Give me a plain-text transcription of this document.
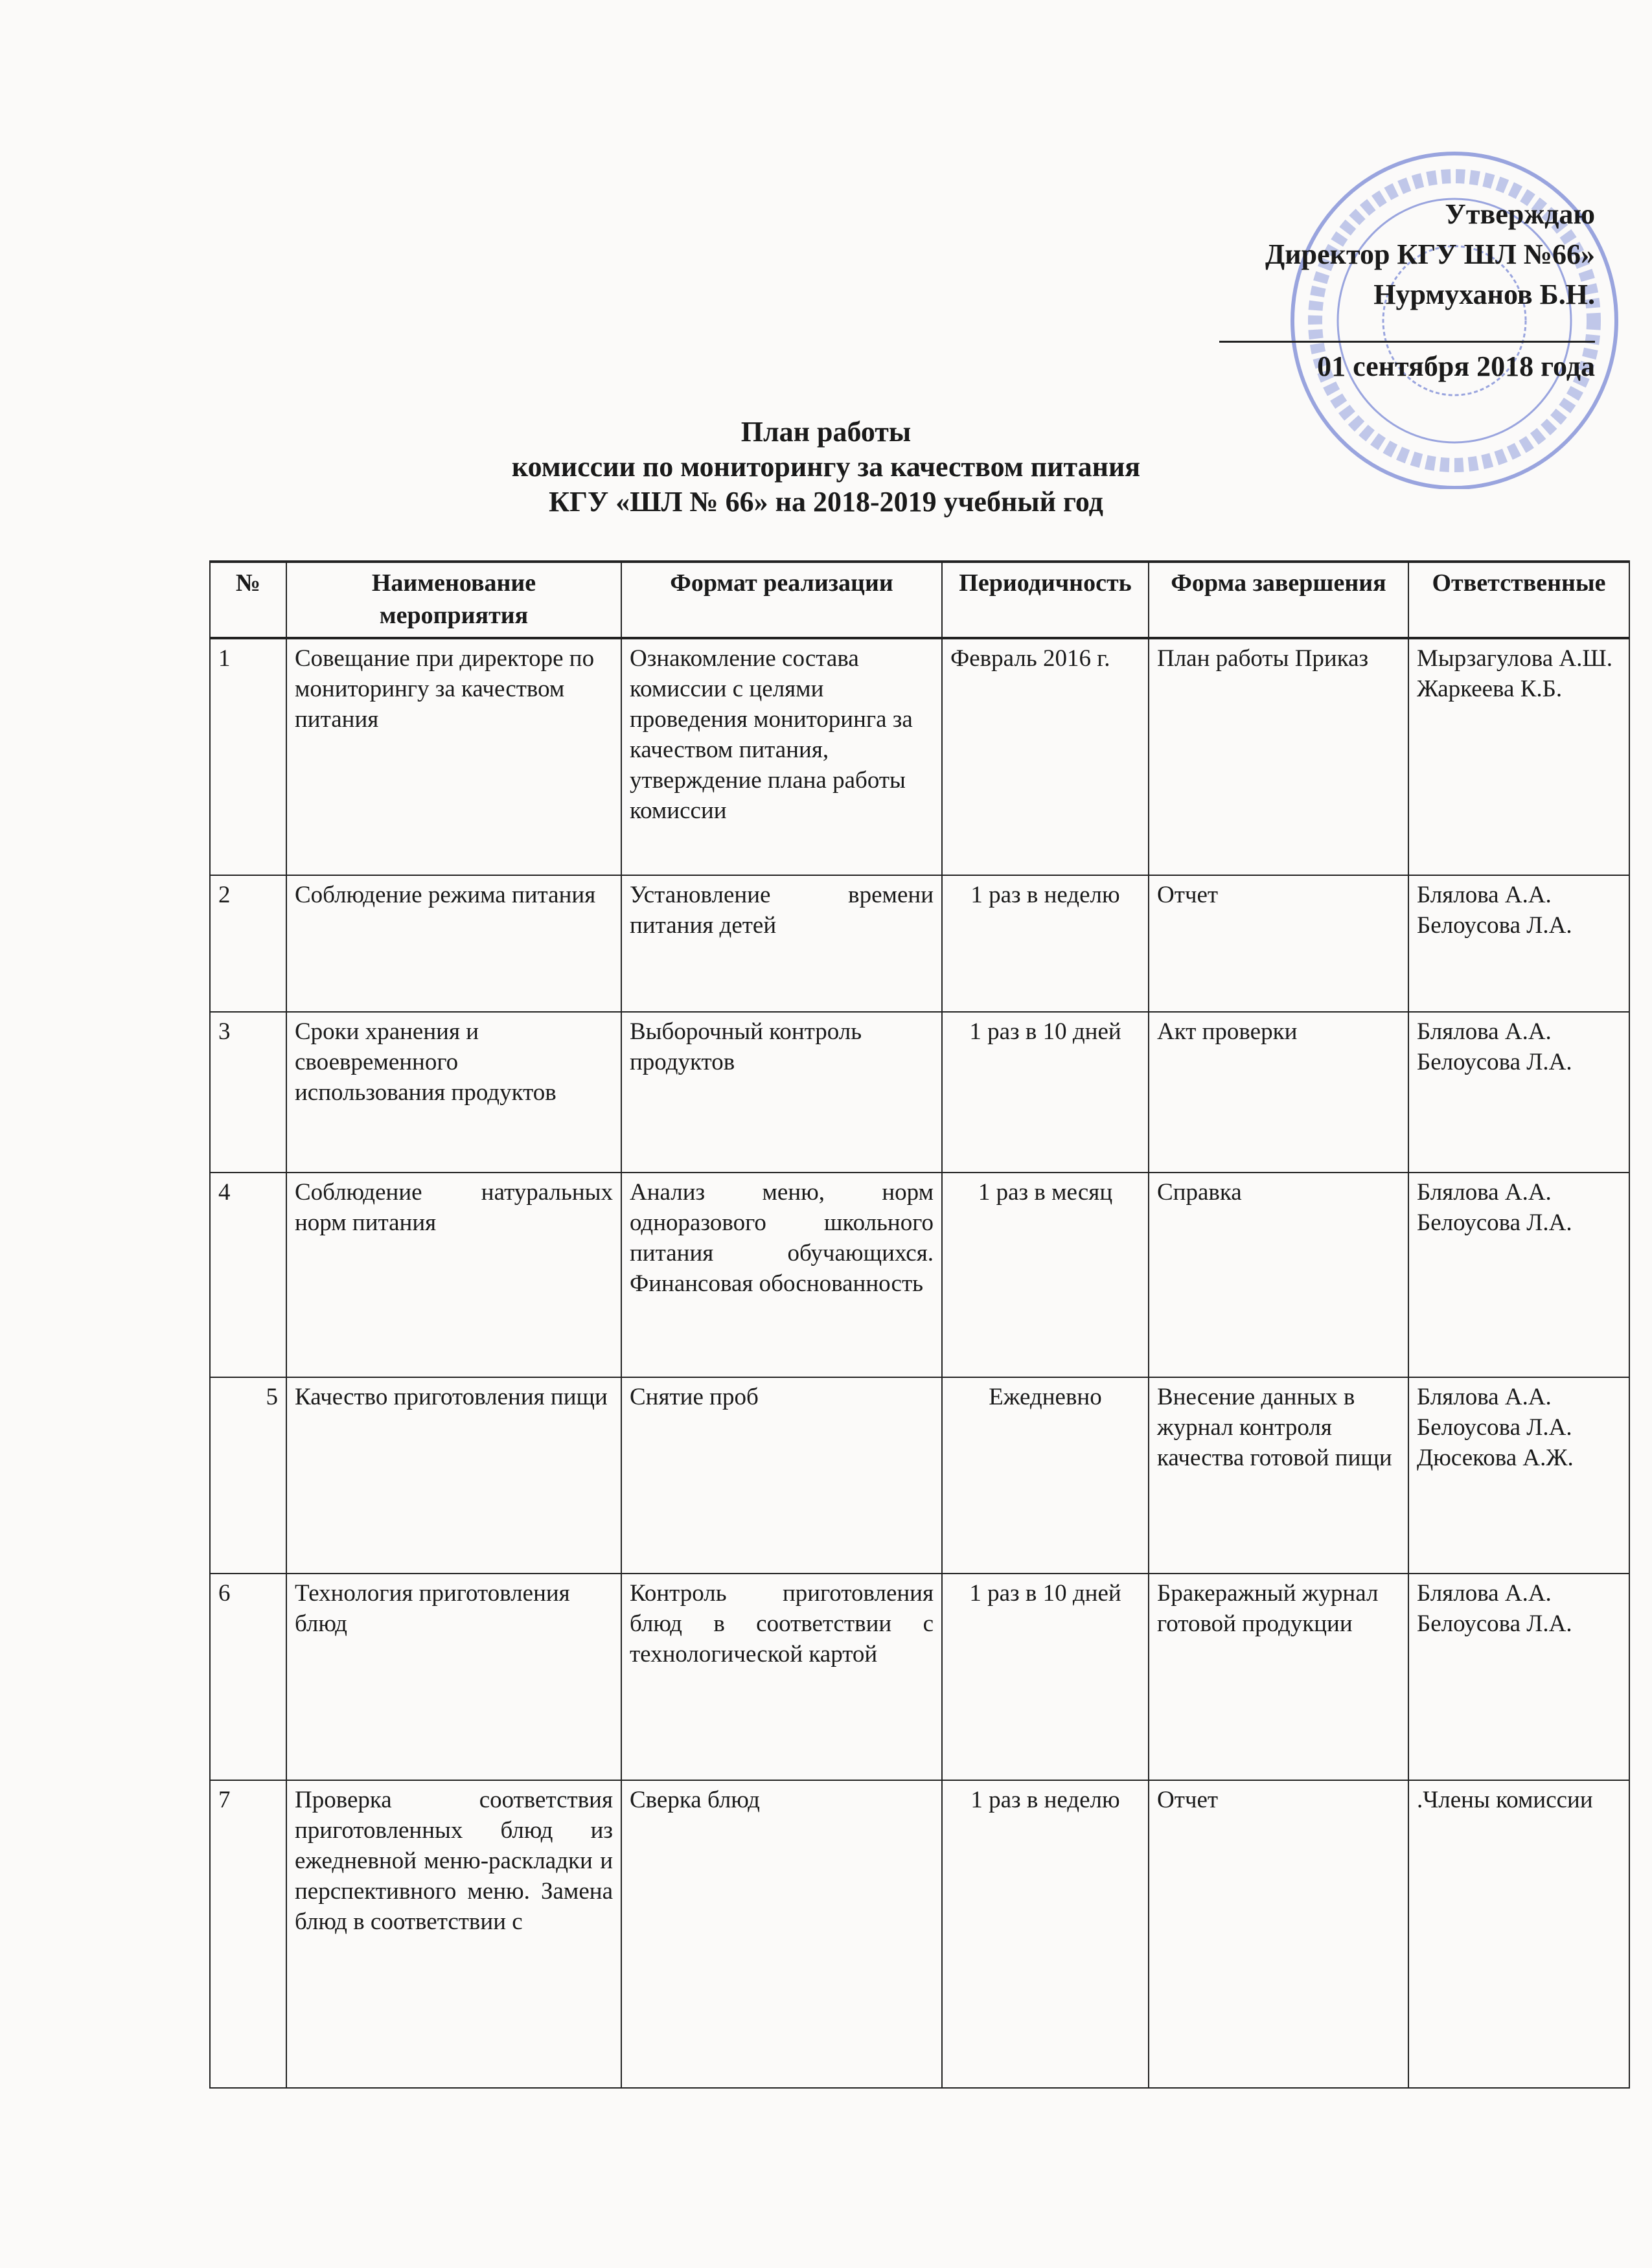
Утверждаю
Директор КГУ ШЛ №66»
Нурмуханов Б.Н.
01 сентября 2018 года
План работы
комиссии по мониторингу за качеством питания
КГУ «ШЛ № 66» на 2018-2019 учебный год
№	Наименование мероприятия	Формат реализации	Периодичность	Форма завершения	Ответственные
1	Совещание при директоре по мониторингу за качеством питания	Ознакомление состава комиссии с целями проведения мониторинга за качеством питания, утверждение плана работы комиссии	Февраль 2016 г.	План работы Приказ	Мырзагулова А.Ш. Жаркеева К.Б.
2	Соблюдение режима питания	Установление времени питания детей	1 раз в неделю	Отчет	Блялова А.А. Белоусова Л.А.
3	Сроки хранения и своевременного использования продуктов	Выборочный контроль продуктов	1 раз в 10 дней	Акт проверки	Блялова А.А. Белоусова Л.А.
4	Соблюдение натуральных норм питания	Анализ меню, норм одноразового школьного питания обучающихся. Финансовая обоснованность	1 раз в месяц	Справка	Блялова А.А. Белоусова Л.А.
5	Качество приготовления пищи	Снятие проб	Ежедневно	Внесение данных в журнал контроля качества готовой пищи	Блялова А.А. Белоусова Л.А. Дюсекова А.Ж.
6	Технология приготовления блюд	Контроль приготовления блюд в соответствии с технологической картой	1 раз в 10 дней	Бракеражный журнал готовой продукции	Блялова А.А. Белоусова Л.А.
7	Проверка соответствия приготовленных блюд из ежедневной меню-раскладки и перспективного меню. Замена блюд в соответствии с	Сверка блюд	1 раз в неделю	Отчет	.Члены комиссии
